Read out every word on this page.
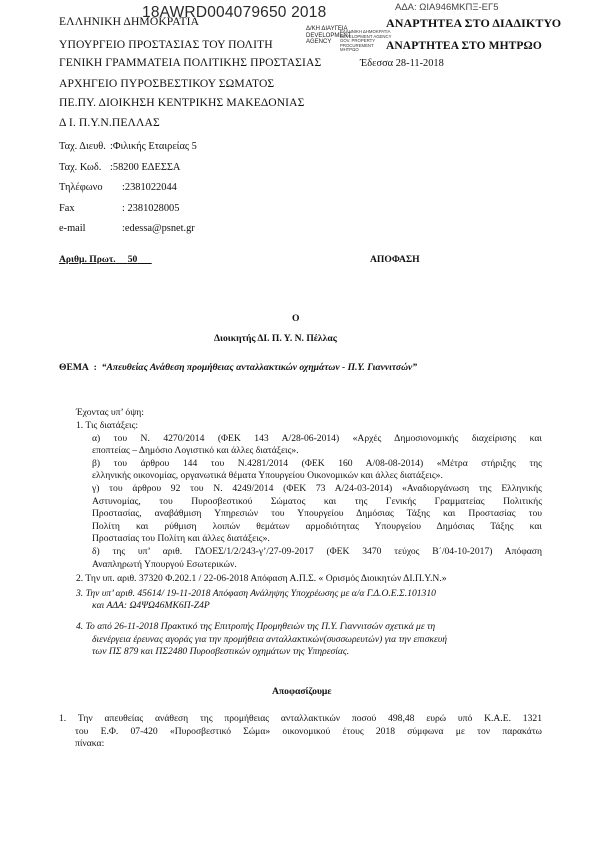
ΑΔΑ: ΩΙΑ946ΜΚΠΞ-ΕΓ5
18AWRD004079650 2018
Δ/ΚΗ ΔΙΑΥΓΕΙΑ
DEVELOPMENT
AGENCY
ΕΛΛΗΝΙΚΗ ΔΗΜΟΚΡΑΤΙΑ
DEVELOPMENT AGENCY
GOV. PROPERTY
PROCUREMENT
ΜΗΤΡΩΟ
ΑΝΑΡΤΗΤΕΑ ΣΤΟ ΔΙΑΔΙΚΤΥΟ
ΑΝΑΡΤΗΤΕΑ ΣΤΟ ΜΗΤΡΩΟ
ΕΛΛΗΝΙΚΗ ΔΗΜΟΚΡΑΤΙΑ
ΥΠΟΥΡΓΕΙΟ ΠΡΟΣΤΑΣΙΑΣ ΤΟΥ ΠΟΛΙΤΗ
ΓΕΝΙΚΗ ΓΡΑΜΜΑΤΕΙΑ ΠΟΛΙΤΙΚΗΣ ΠΡΟΣΤΑΣΙΑΣ
ΑΡΧΗΓΕΙΟ ΠΥΡΟΣΒΕΣΤΙΚΟΥ ΣΩΜΑΤΟΣ
ΠΕ.ΠΥ. ΔΙΟΙΚΗΣΗ ΚΕΝΤΡΙΚΗΣ ΜΑΚΕΔΟΝΙΑΣ
Δ Ι. Π.Υ.Ν.ΠΕΛΛΑΣ
Έδεσσα 28-11-2018
Ταχ. Διευθ. :Φιλικής Εταιρείας 5
Ταχ. Κωδ. :58200 ΕΔΕΣΣΑ
Τηλέφωνο	:2381022044
Fax	: 2381028005
e-mail	:edessa@psnet.gr
Αριθμ. Πρωτ. 50	ΑΠΟΦΑΣΗ
Ο
Διοικητής ΔΙ. Π. Υ. Ν. Πέλλας
ΘΕΜΑ : “Απευθείας Ανάθεση προμήθειας ανταλλακτικών οχημάτων - Π.Υ. Γιαννιτσών”
Έχοντας υπ’ όψη:
1. Τις διατάξεις:
α) του Ν. 4270/2014 (ΦΕΚ 143 Α/28-06-2014) «Αρχές Δημοσιονομικής διαχείρισης και
εποπτείας – Δημόσιο Λογιστικό και άλλες διατάξεις».
β) του άρθρου 144 του Ν.4281/2014 (ΦΕΚ 160 Α/08-08-2014) «Μέτρα στήριξης της
ελληνικής οικονομίας, οργανωτικά θέματα Υπουργείου Οικονομικών και άλλες διατάξεις».
γ) του άρθρου 92 του Ν. 4249/2014 (ΦΕΚ 73 Α/24-03-2014) «Αναδιοργάνωση της Ελληνικής
Αστυνομίας, του Πυροσβεστικού Σώματος και της Γενικής Γραμματείας Πολιτικής
Προστασίας, αναβάθμιση Υπηρεσιών του Υπουργείου Δημόσιας Τάξης και Προστασίας του
Πολίτη και ρύθμιση λοιπών θεμάτων αρμοδιότητας Υπουργείου Δημόσιας Τάξης και
Προστασίας του Πολίτη και άλλες διατάξεις».
δ) της υπ’ αριθ. ΓΔΟΕΣ/1/2/243-γ’/27-09-2017 (ΦΕΚ 3470 τεύχος Β΄/04-10-2017) Απόφαση
Αναπληρωτή Υπουργού Εσωτερικών.
2. Την υπ. αριθ. 37320 Φ.202.1 / 22-06-2018 Απόφαση Α.Π.Σ. « Ορισμός Διοικητών ΔΙ.Π.Υ.Ν.»
3. Την υπ’ αριθ. 45614/ 19-11-2018 Απόφαση Ανάληψης Υποχρέωσης με α/α Γ.Δ.Ο.Ε.Σ.101310
και ΑΔΑ: Ω4ΨΩ46ΜΚ6Π-Ζ4Ρ
4. Το από 26-11-2018 Πρακτικό της Επιτροπής Προμηθειών της Π.Υ. Γιαννιτσών σχετικά με τη
διενέργεια έρευνας αγοράς για την προμήθεια ανταλλακτικών(συσσωρευτών) για την επισκευή
των ΠΣ 879 και ΠΣ2480 Πυροσβεστικών οχημάτων της Υπηρεσίας.
Αποφασίζουμε
1. Την απευθείας ανάθεση της προμήθειας ανταλλακτικών ποσού 498,48 ευρώ υπό Κ.Α.Ε. 1321
του Ε.Φ. 07-420 «Πυροσβεστικό Σώμα» οικονομικού έτους 2018 σύμφωνα με τον παρακάτω
πίνακα:
